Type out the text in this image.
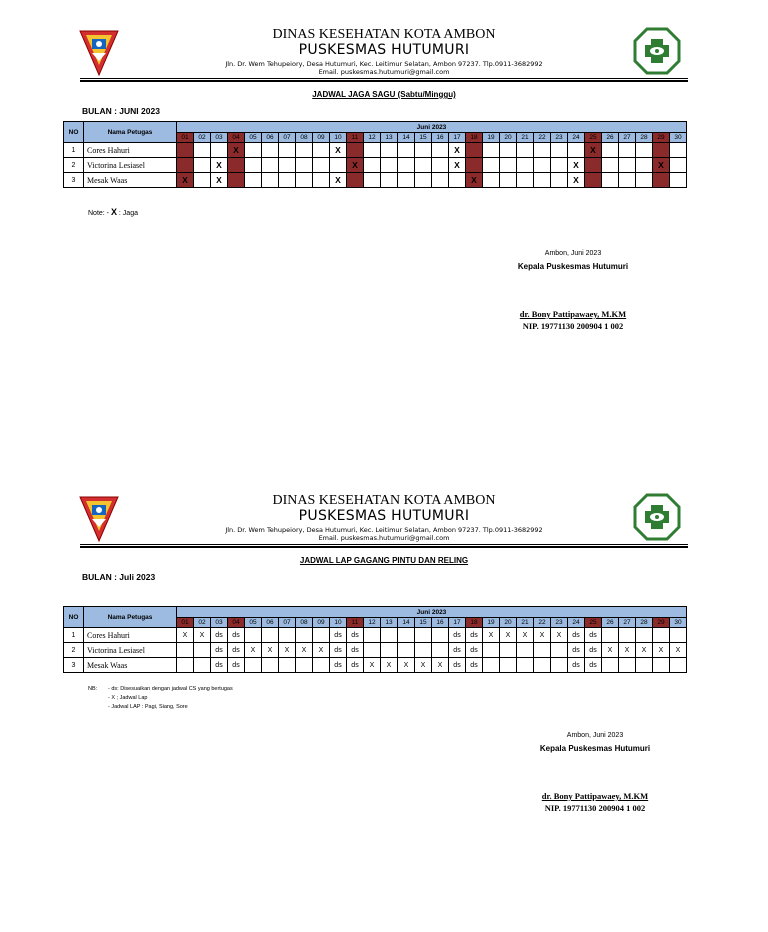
DINAS KESEHATAN KOTA AMBON
PUSKESMAS HUTUMURI
Jln. Dr. Wem Tehupeiory, Desa Hutumuri, Kec. Leitimur Selatan, Ambon 97237. Tlp.0911-3682992
Email. puskesmas.hutumuri@gmail.com
JADWAL JAGA SAGU (Sabtu/Minggu)
BULAN : JUNI 2023
NO	Nama Petugas	Juni 2023																													
		01	02	03	04	05	06	07	08	09	10	11	12	13	14	15	16	17	18	19	20	21	22	23	24	25	26	27	28	29	30
1	Cores Hahuri				X						X							X								X					
2	Victorina Lesiasel			X								X						X							X					X	
3	Mesak Waas	X		X							X								X						X						
Note: - X : Jaga
Ambon, Juni 2023
Kepala Puskesmas Hutumuri
dr. Bony Pattipawaey, M.KM
NIP. 19771130 200904 1 002
DINAS KESEHATAN KOTA AMBON
PUSKESMAS HUTUMURI
Jln. Dr. Wem Tehupeiory, Desa Hutumuri, Kec. Leitimur Selatan, Ambon 97237. Tlp.0911-3682992
Email. puskesmas.hutumuri@gmail.com
JADWAL LAP GAGANG PINTU DAN RELING
BULAN : Juli 2023
NO	Nama Petugas	Juni 2023																													
		01	02	03	04	05	06	07	08	09	10	11	12	13	14	15	16	17	18	19	20	21	22	23	24	25	26	27	28	29	30
1	Cores Hahuri	X	X	ds	ds						ds	ds						ds	ds	X	X	X	X	X	ds	ds					
2	Victorina Lesiasel			ds	ds	X	X	X	X	X	ds	ds						ds	ds						ds	ds	X	X	X	X	X
3	Mesak Waas			ds	ds						ds	ds	X	X	X	X	X	ds	ds						ds	ds					
NB: - ds: Disesuaikan dengan jadwal CS yang bertugas
- X ; Jadwal Lap
- Jadwal LAP : Pagi, Siang, Sore
Ambon, Juni 2023
Kepala Puskesmas Hutumuri
dr. Bony Pattipawaey, M.KM
NIP. 19771130 200904 1 002
